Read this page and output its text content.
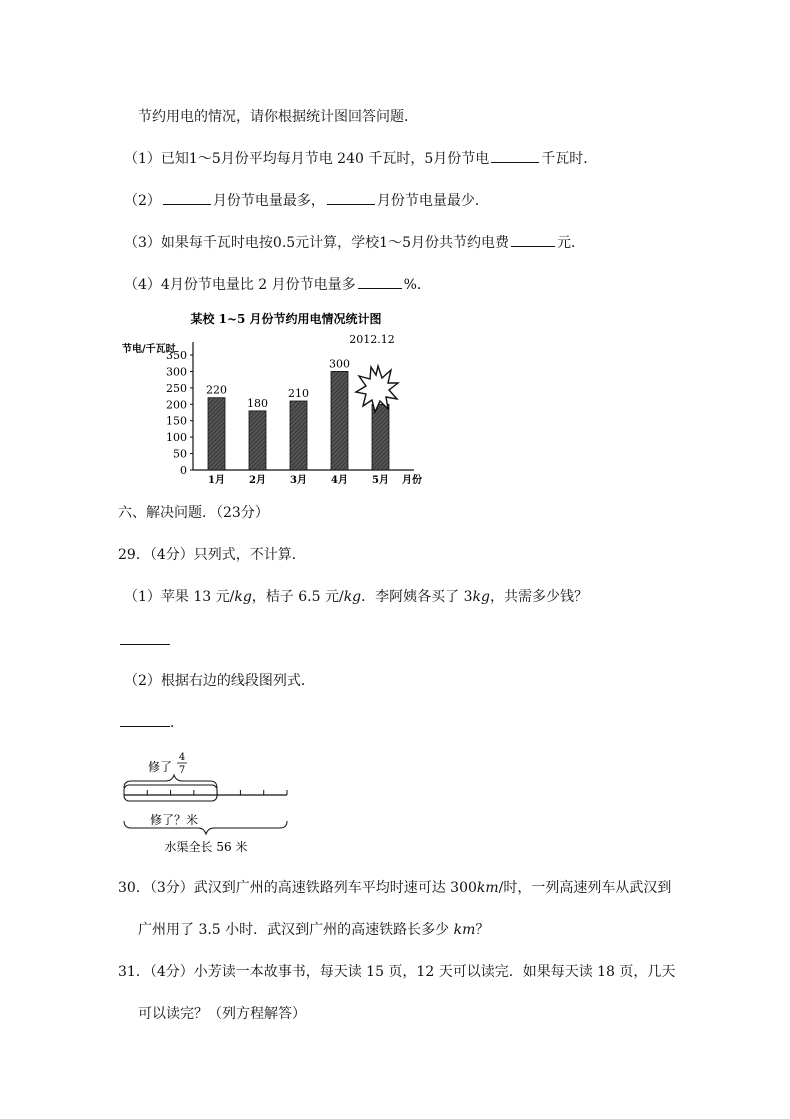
节约用电的情况，请你根据统计图回答问题．
（1）已知1～5月份平均每月节电 240 千瓦时，5月份节电	千瓦时．
（2）	月份节电量最多，	月份节电量最少．
（3）如果每千瓦时电按0.5元计算，学校1～5月份共节约电费	元．
（4）4月份节电量比 2 月份节电量多	%．
某校 1~5 月份节约用电情况统计图
2012.12
节电/千瓦时
月份
0
50
100
150
200
250
300
350
220
1月
180
2月
210
3月
300
4月 5月
六、解决问题．（23分）
29．（4分）只列式，不计算．
（1）苹果 13 元/kg，桔子 6.5 元/kg．李阿姨各买了 3kg，共需多少钱？
（2）根据右边的线段图列式．
．
修了
4
7
修了？米
水渠全长 56 米
30．（3分）武汉到广州的高速铁路列车平均时速可达 300km/时，一列高速列车从武汉到
广州用了 3.5 小时．武汉到广州的高速铁路长多少 km？
31．（4分）小芳读一本故事书，每天读 15 页，12 天可以读完．如果每天读 18 页，几天
可以读完？（列方程解答）
